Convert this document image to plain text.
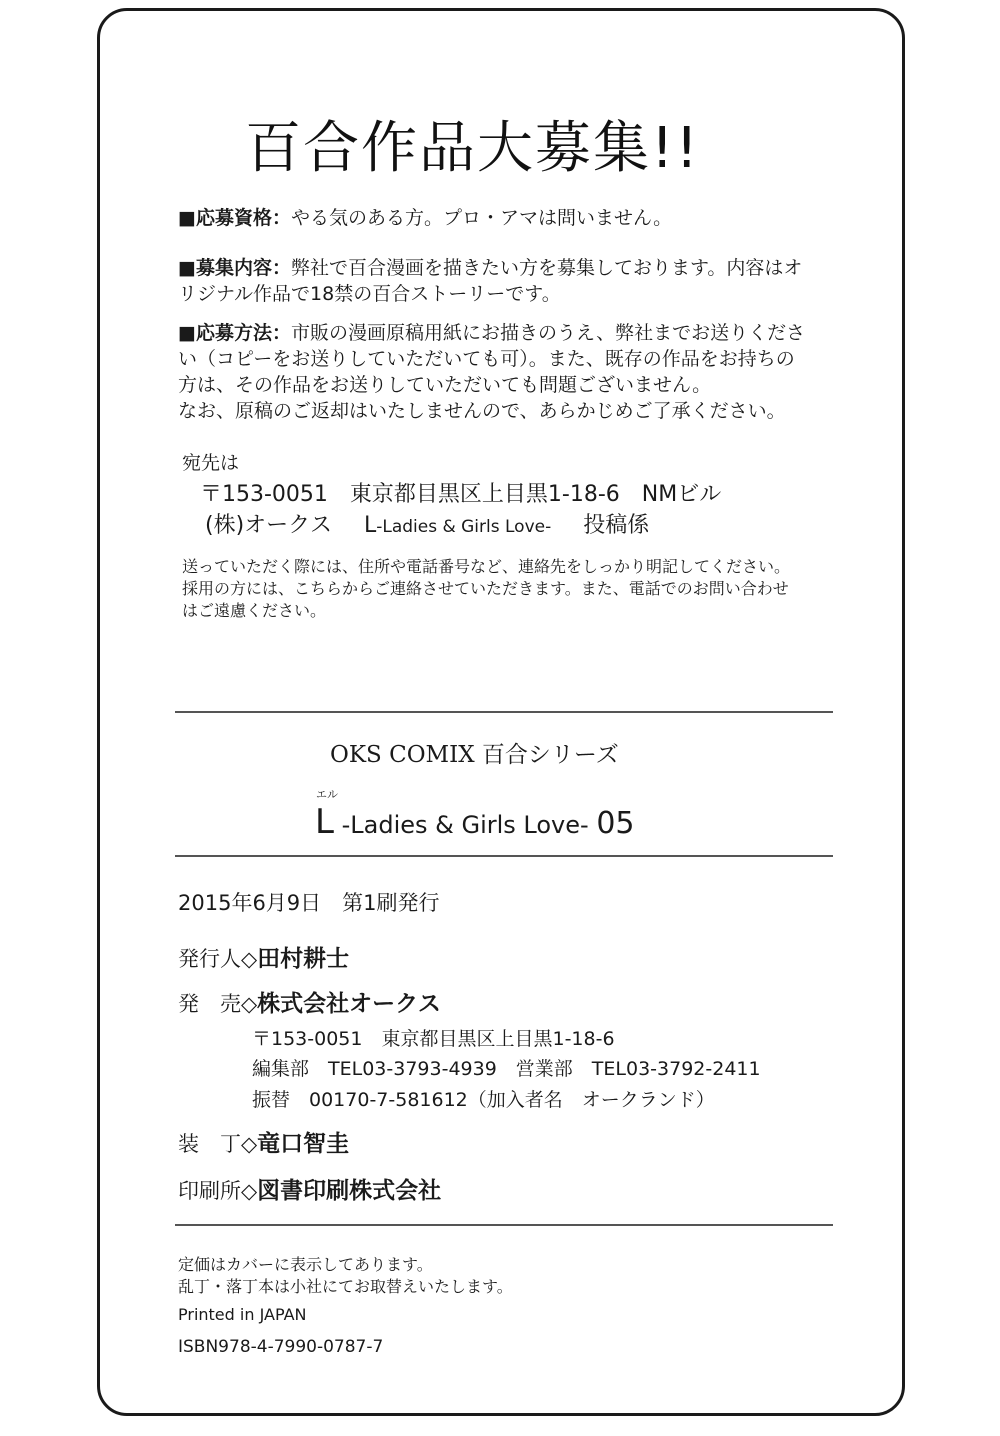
百合作品大募集!!
■応募資格：やる気のある方。プロ・アマは問いません。
■募集内容：弊社で百合漫画を描きたい方を募集しております。内容はオ
リジナル作品で18禁の百合ストーリーです。
■応募方法：市販の漫画原稿用紙にお描きのうえ、弊社までお送りくださ
い（コピーをお送りしていただいても可）。また、既存の作品をお持ちの
方は、その作品をお送りしていただいても問題ございません。
なお、原稿のご返却はいたしませんので、あらかじめご了承ください。
宛先は
〒153-0051　東京都目黒区上目黒1-18-6　NMビル
(株)オークス L-Ladies & Girls Love- 投稿係
送っていただく際には、住所や電話番号など、連絡先をしっかり明記してください。
採用の方には、こちらからご連絡させていただきます。また、電話でのお問い合わせ
はご遠慮ください。
OKS COMIX 百合シリーズ
エル
L -Ladies & Girls Love- 05
2015年6月9日　第1刷発行
発行人◇田村耕士
発　売◇株式会社オークス
〒153-0051　東京都目黒区上目黒1-18-6
編集部　TEL03-3793-4939　営業部　TEL03-3792-2411
振替　00170-7-581612（加入者名　オークランド）
装　丁◇竜口智圭
印刷所◇図書印刷株式会社
定価はカバーに表示してあります。
乱丁・落丁本は小社にてお取替えいたします。
Printed in JAPAN
ISBN978-4-7990-0787-7
